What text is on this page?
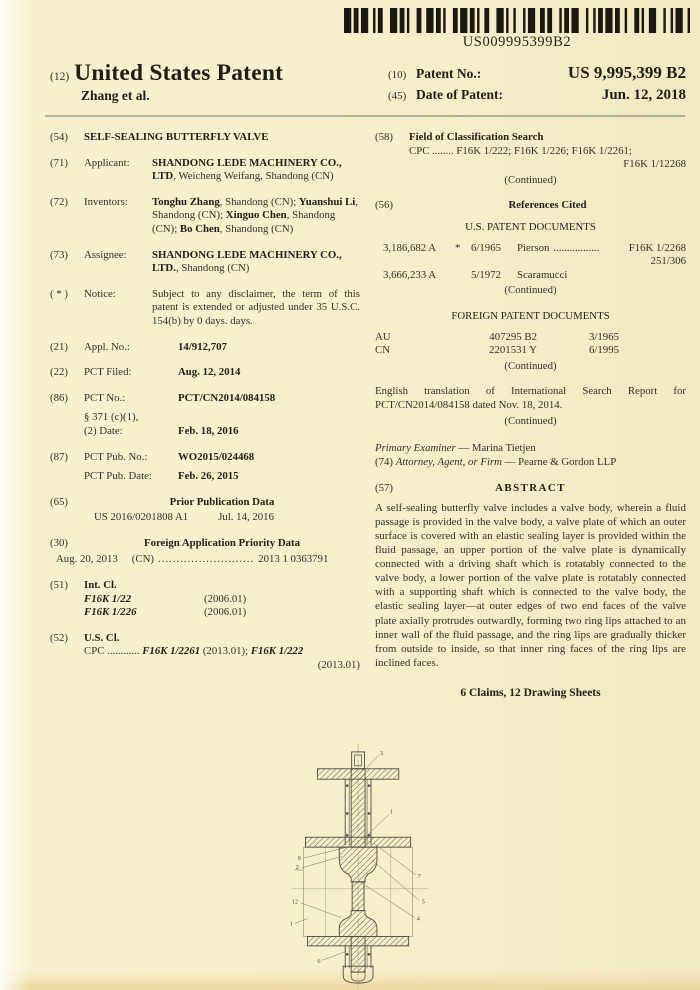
US009995399B2
(12) United States Patent
Zhang et al.
(10) Patent No.:	US 9,995,399 B2
(45) Date of Patent:	Jun. 12, 2018
(54)	SELF-SEALING BUTTERFLY VALVE
(71)	Applicant:	SHANDONG LEDE MACHINERY CO., LTD, Weicheng Weifang, Shandong (CN)
(72)	Inventors:	Tonghu Zhang, Shandong (CN); Yuanshui Li, Shandong (CN); Xinguo Chen, Shandong (CN); Bo Chen, Shandong (CN)
(73)	Assignee:	SHANDONG LEDE MACHINERY CO., LTD., Shandong (CN)
( * )	Notice:	Subject to any disclaimer, the term of this patent is extended or adjusted under 35 U.S.C. 154(b) by 0 days. days.
(21)	Appl. No.:	14/912,707
(22)	PCT Filed:	Aug. 12, 2014
(86)	PCT No.:	PCT/CN2014/084158
§ 371 (c)(1),
(2) Date:	Feb. 18, 2016
(87)	PCT Pub. No.:	WO2015/024468
PCT Pub. Date:	Feb. 26, 2015
(65)	Prior Publication Data
US 2016/0201808 A1	Jul. 14, 2016
(30)	Foreign Application Priority Data
Aug. 20, 2013 (CN) .......................... 2013 1 0363791
(51)	Int. Cl.
F16K 1/22	(2006.01)
F16K 1/226	(2006.01)
(52)	U.S. Cl.
CPC ............ F16K 1/2261 (2013.01); F16K 1/222
(2013.01)
(58)	Field of Classification Search
CPC ........ F16K 1/222; F16K 1/226; F16K 1/2261;
F16K 1/12268
(Continued)
(56)	References Cited
U.S. PATENT DOCUMENTS
3,186,682 A	* 6/1965	Pierson .................	F16K 1/2268
251/306
3,666,233 A	5/1972	Scaramucci
(Continued)
FOREIGN PATENT DOCUMENTS
AU	407295 B2	3/1965
CN	2201531 Y	6/1995
(Continued)
English translation of International Search Report for PCT/CN2014/084158 dated Nov. 18, 2014.
(Continued)
Primary Examiner — Marina Tietjen
(74) Attorney, Agent, or Firm — Pearne & Gordon LLP
(57)	ABSTRACT
A self-sealing butterfly valve includes a valve body, wherein a fluid passage is provided in the valve body, a valve plate of which an outer surface is covered with an elastic sealing layer is provided within the fluid passage, an upper portion of the valve plate is dynamically connected with a driving shaft which is rotatably connected to the valve body, a lower portion of the valve plate is rotatably connected with a supporting shaft which is connected to the valve body, the elastic sealing layer—at outer edges of two end faces of the valve plate axially protrudes outwardly, forming two ring lips attached to an inner wall of the fluid passage, and the ring lips are gradually thicker from outside to inside, so that inner ring faces of the ring lips are inclined faces.
6 Claims, 12 Drawing Sheets
3
1
9
2
7
5
4
12
1
6
